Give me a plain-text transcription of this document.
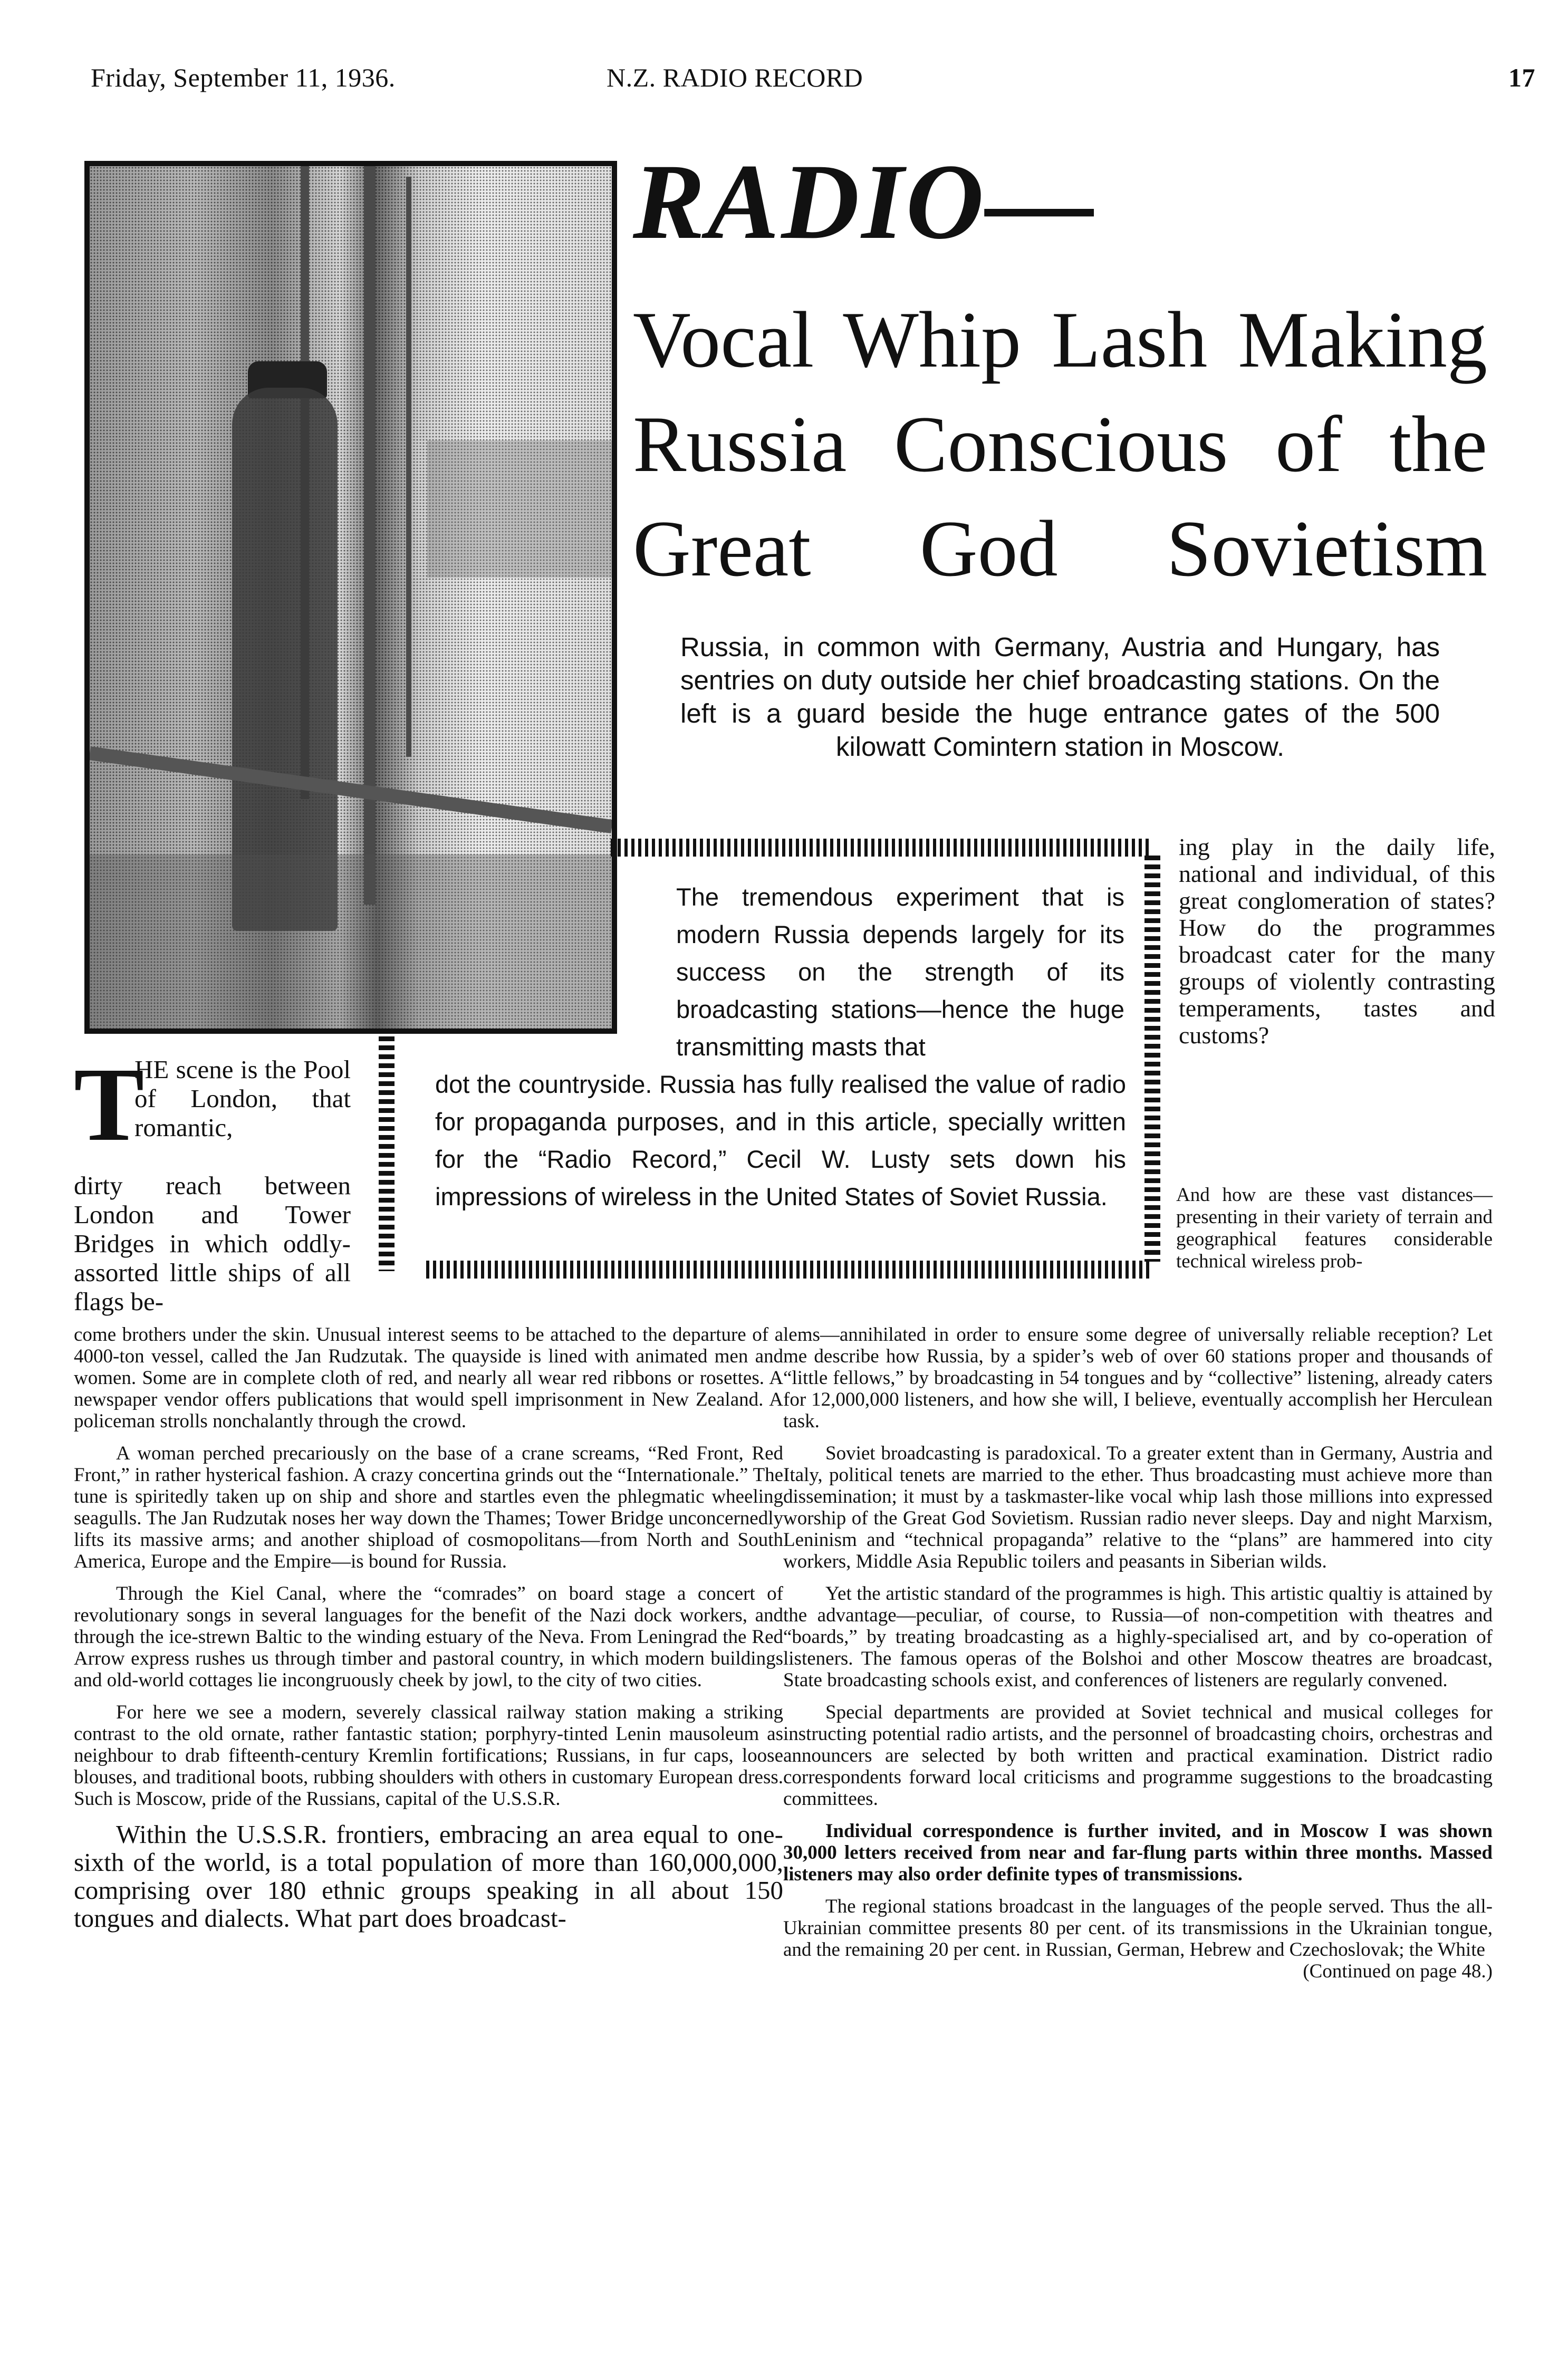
Friday, September 11, 1936.	N.Z. RADIO RECORD	17
RADIO—
Vocal Whip Lash Making
Russia Conscious of the
Great God Sovietism
Russia, in common with Germany, Austria and Hungary, has sentries on duty outside her chief broadcasting stations. On the left is a guard beside the huge entrance gates of the 500 kilowatt Comintern station in Moscow.
The tremendous experiment that is modern Russia depends largely for its success on the strength of its broadcasting stations—hence the huge transmitting masts that
dot the countryside. Russia has fully realised the value of radio for propaganda purposes, and in this article, specially written for the “Radio Record,” Cecil W. Lusty sets down his impressions of wireless in the United States of Soviet Russia.
T
HE scene is the Pool of London, that romantic,
dirty reach between London and Tower Bridges in which oddly-assorted little ships of all flags be-
ing play in the daily life, national and individual, of this great conglomeration of states? How do the programmes broadcast cater for the many groups of violently contrasting temperaments, tastes and customs?
And how are these vast distances—presenting in their variety of terrain and geographical features considerable technical wireless prob-

come brothers under the skin. Unusual interest seems to be attached to the departure of a 4000-ton vessel, called the Jan Rudzutak. The quayside is lined with animated men and women. Some are in complete cloth of red, and nearly all wear red ribbons or rosettes. A newspaper vendor offers publications that would spell imprisonment in New Zealand. A policeman strolls nonchalantly through the crowd.

A woman perched precariously on the base of a crane screams, “Red Front, Red Front,” in rather hysterical fashion. A crazy concertina grinds out the “Internationale.” The tune is spiritedly taken up on ship and shore and startles even the phlegmatic wheeling seagulls. The Jan Rudzutak noses her way down the Thames; Tower Bridge unconcernedly lifts its massive arms; and another shipload of cosmopolitans—from North and South America, Europe and the Empire—is bound for Russia.

Through the Kiel Canal, where the “comrades” on board stage a concert of revolutionary songs in several languages for the benefit of the Nazi dock workers, and through the ice-strewn Baltic to the winding estuary of the Neva. From Leningrad the Red Arrow express rushes us through timber and pastoral country, in which modern buildings and old-world cottages lie incongruously cheek by jowl, to the city of two cities.

For here we see a modern, severely classical railway station making a striking contrast to the old ornate, rather fantastic station; porphyry-tinted Lenin mausoleum as neighbour to drab fifteenth-century Kremlin fortifications; Russians, in fur caps, loose blouses, and traditional boots, rubbing shoulders with others in customary European dress. Such is Moscow, pride of the Russians, capital of the U.S.S.R.

Within the U.S.S.R. frontiers, embracing an area equal to one-sixth of the world, is a total population of more than 160,000,000, comprising over 180 ethnic groups speaking in all about 150 tongues and dialects. What part does broadcast-

lems—annihilated in order to ensure some degree of universally reliable reception? Let me describe how Russia, by a spider’s web of over 60 stations proper and thousands of “little fellows,” by broadcasting in 54 tongues and by “collective” listening, already caters for 12,000,000 listeners, and how she will, I believe, eventually accomplish her Herculean task.

Soviet broadcasting is paradoxical. To a greater extent than in Germany, Austria and Italy, political tenets are married to the ether. Thus broadcasting must achieve more than dissemination; it must by a taskmaster-like vocal whip lash those millions into expressed worship of the Great God Sovietism. Russian radio never sleeps. Day and night Marxism, Leninism and “technical propaganda” relative to the “plans” are hammered into city workers, Middle Asia Republic toilers and peasants in Siberian wilds.

Yet the artistic standard of the programmes is high. This artistic qualtiy is attained by the advantage—peculiar, of course, to Russia—of non-competition with theatres and “boards,” by treating broadcasting as a highly-specialised art, and by co-operation of listeners. The famous operas of the Bolshoi and other Moscow theatres are broadcast, State broadcasting schools exist, and conferences of listeners are regularly convened.

Special departments are provided at Soviet technical and musical colleges for instructing potential radio artists, and the personnel of broadcasting choirs, orchestras and announcers are selected by both written and practical examination. District radio correspondents forward local criticisms and programme suggestions to the broadcasting committees.

Individual correspondence is further invited, and in Moscow I was shown 30,000 letters received from near and far-flung parts within three months. Massed listeners may also order definite types of transmissions.

The regional stations broadcast in the languages of the people served. Thus the all-Ukrainian committee presents 80 per cent. of its transmissions in the Ukrainian tongue, and the remaining 20 per cent. in Russian, German, Hebrew and Czechoslovak; the White
(Continued on page 48.)
